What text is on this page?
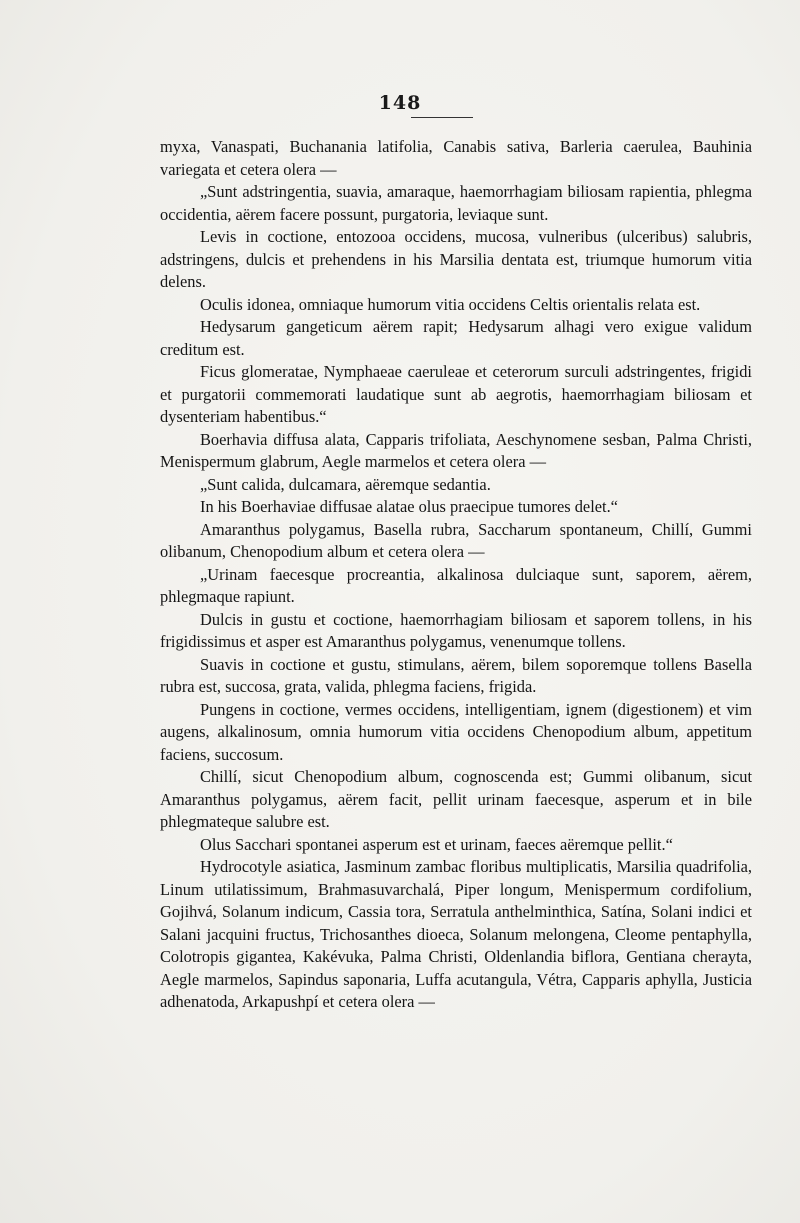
148

myxa, Vanaspati, Buchanania latifolia, Canabis sativa, Barleria caerulea, Bauhinia variegata et cetera olera —

„Sunt adstringentia, suavia, amaraque, haemorrhagiam biliosam rapientia, phlegma occidentia, aërem facere possunt, purgatoria, leviaque sunt.

Levis in coctione, entozooa occidens, mucosa, vulneribus (ulceribus) salubris, adstringens, dulcis et prehendens in his Marsilia dentata est, triumque humorum vitia delens.

Oculis idonea, omniaque humorum vitia occidens Celtis orientalis relata est.

Hedysarum gangeticum aërem rapit; Hedysarum alhagi vero exigue validum creditum est.

Ficus glomeratae, Nymphaeae caeruleae et ceterorum surculi adstringentes, frigidi et purgatorii commemorati laudatique sunt ab aegrotis, haemorrhagiam biliosam et dysenteriam habentibus.“

Boerhavia diffusa alata, Capparis trifoliata, Aeschynomene sesban, Palma Christi, Menispermum glabrum, Aegle marmelos et cetera olera —

„Sunt calida, dulcamara, aëremque sedantia.

In his Boerhaviae diffusae alatae olus praecipue tumores delet.“

Amaranthus polygamus, Basella rubra, Saccharum spontaneum, Chillí, Gummi olibanum, Chenopodium album et cetera olera —

„Urinam faecesque procreantia, alkalinosa dulciaque sunt, saporem, aërem, phlegmaque rapiunt.

Dulcis in gustu et coctione, haemorrhagiam biliosam et saporem tollens, in his frigidissimus et asper est Amaranthus polygamus, venenumque tollens.

Suavis in coctione et gustu, stimulans, aërem, bilem soporemque tollens Basella rubra est, succosa, grata, valida, phlegma faciens, frigida.

Pungens in coctione, vermes occidens, intelligentiam, ignem (digestionem) et vim augens, alkalinosum, omnia humorum vitia occidens Chenopodium album, appetitum faciens, succosum.

Chillí, sicut Chenopodium album, cognoscenda est; Gummi olibanum, sicut Amaranthus polygamus, aërem facit, pellit urinam faecesque, asperum et in bile phlegmateque salubre est.

Olus Sacchari spontanei asperum est et urinam, faeces aëremque pellit.“

Hydrocotyle asiatica, Jasminum zambac floribus multiplicatis, Marsilia quadrifolia, Linum utilatissimum, Brahmasuvarchalá, Piper longum, Menispermum cordifolium, Gojihvá, Solanum indicum, Cassia tora, Serratula anthelminthica, Satína, Solani indici et Salani jacquini fructus, Trichosanthes dioeca, Solanum melongena, Cleome pentaphylla, Colotropis gigantea, Kakévuka, Palma Christi, Oldenlandia biflora, Gentiana cherayta, Aegle marmelos, Sapindus saponaria, Luffa acutangula, Vétra, Capparis aphylla, Justicia adhenatoda, Arkapushpí et cetera olera —
